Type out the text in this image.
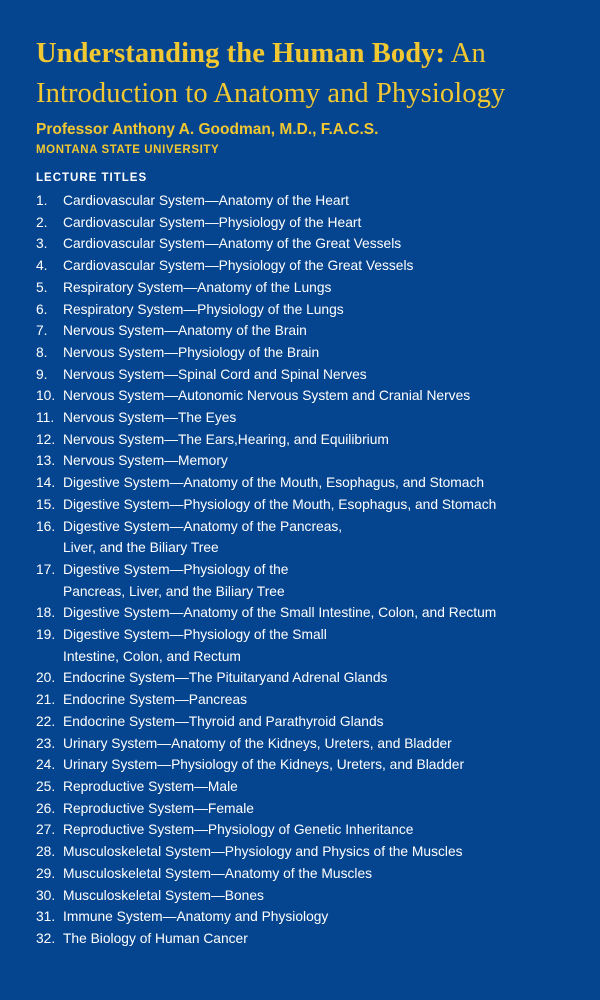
Understanding the Human Body: An
Introduction to Anatomy and Physiology
Professor Anthony A. Goodman, M.D., F.A.C.S.
MONTANA STATE UNIVERSITY
LECTURE TITLES
1.	Cardiovascular System—Anatomy of the Heart
2.	Cardiovascular System—Physiology of the Heart
3.	Cardiovascular System—Anatomy of the Great Vessels
4.	Cardiovascular System—Physiology of the Great Vessels
5.	Respiratory System—Anatomy of the Lungs
6.	Respiratory System—Physiology of the Lungs
7.	Nervous System—Anatomy of the Brain
8.	Nervous System—Physiology of the Brain
9.	Nervous System—Spinal Cord and Spinal Nerves
10. Nervous System—Autonomic Nervous System and Cranial Nerves
11. Nervous System—The Eyes
12. Nervous System—The Ears,Hearing, and Equilibrium
13. Nervous System—Memory
14. Digestive System—Anatomy of the Mouth, Esophagus, and Stomach
15. Digestive System—Physiology of the Mouth, Esophagus, and Stomach
16. Digestive System—Anatomy of the Pancreas,
Liver, and the Biliary Tree
17. Digestive System—Physiology of the
Pancreas, Liver, and the Biliary Tree
18. Digestive System—Anatomy of the Small Intestine, Colon, and Rectum
19. Digestive System—Physiology of the Small
Intestine, Colon, and Rectum
20. Endocrine System—The Pituitaryand Adrenal Glands
21. Endocrine System—Pancreas
22. Endocrine System—Thyroid and Parathyroid Glands
23. Urinary System—Anatomy of the Kidneys, Ureters, and Bladder
24. Urinary System—Physiology of the Kidneys, Ureters, and Bladder
25. Reproductive System—Male
26. Reproductive System—Female
27. Reproductive System—Physiology of Genetic Inheritance
28. Musculoskeletal System—Physiology and Physics of the Muscles
29. Musculoskeletal System—Anatomy of the Muscles
30. Musculoskeletal System—Bones
31. Immune System—Anatomy and Physiology
32. The Biology of Human Cancer
